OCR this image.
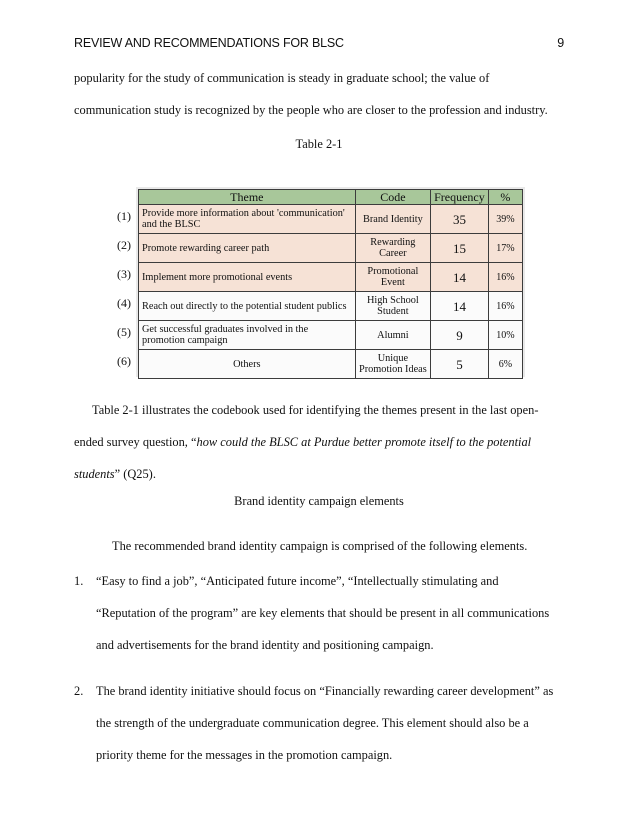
REVIEW AND RECOMMENDATIONS FOR BLSC	9

popularity for the study of communication is steady in graduate school; the value of
communication study is recognized by the people who are closer to the profession and industry.

Table 2-1
(1)
(2)
(3)
(4)
(5)
(6)
Theme	Code	Frequency	%
Provide more information about 'communication' and the BLSC	Brand Identity	35	39%
Promote rewarding career path	Rewarding Career	15	17%
Implement more promotional events	Promotional Event	14	16%
Reach out directly to the potential student publics	High School Student	14	16%
Get successful graduates involved in the promotion campaign	Alumni	9	10%
Others	Unique Promotion Ideas	5	6%

Table 2-1 illustrates the codebook used for identifying the themes present in the last open-
ended survey question, “how could the BLSC at Purdue better promote itself to the potential
students” (Q25).

Brand identity campaign elements

The recommended brand identity campaign is comprised of the following elements.

1. “Easy to find a job”, “Anticipated future income”, “Intellectually stimulating and
“Reputation of the program” are key elements that should be present in all communications
and advertisements for the brand identity and positioning campaign.
2. The brand identity initiative should focus on “Financially rewarding career development” as
the strength of the undergraduate communication degree. This element should also be a
priority theme for the messages in the promotion campaign.
